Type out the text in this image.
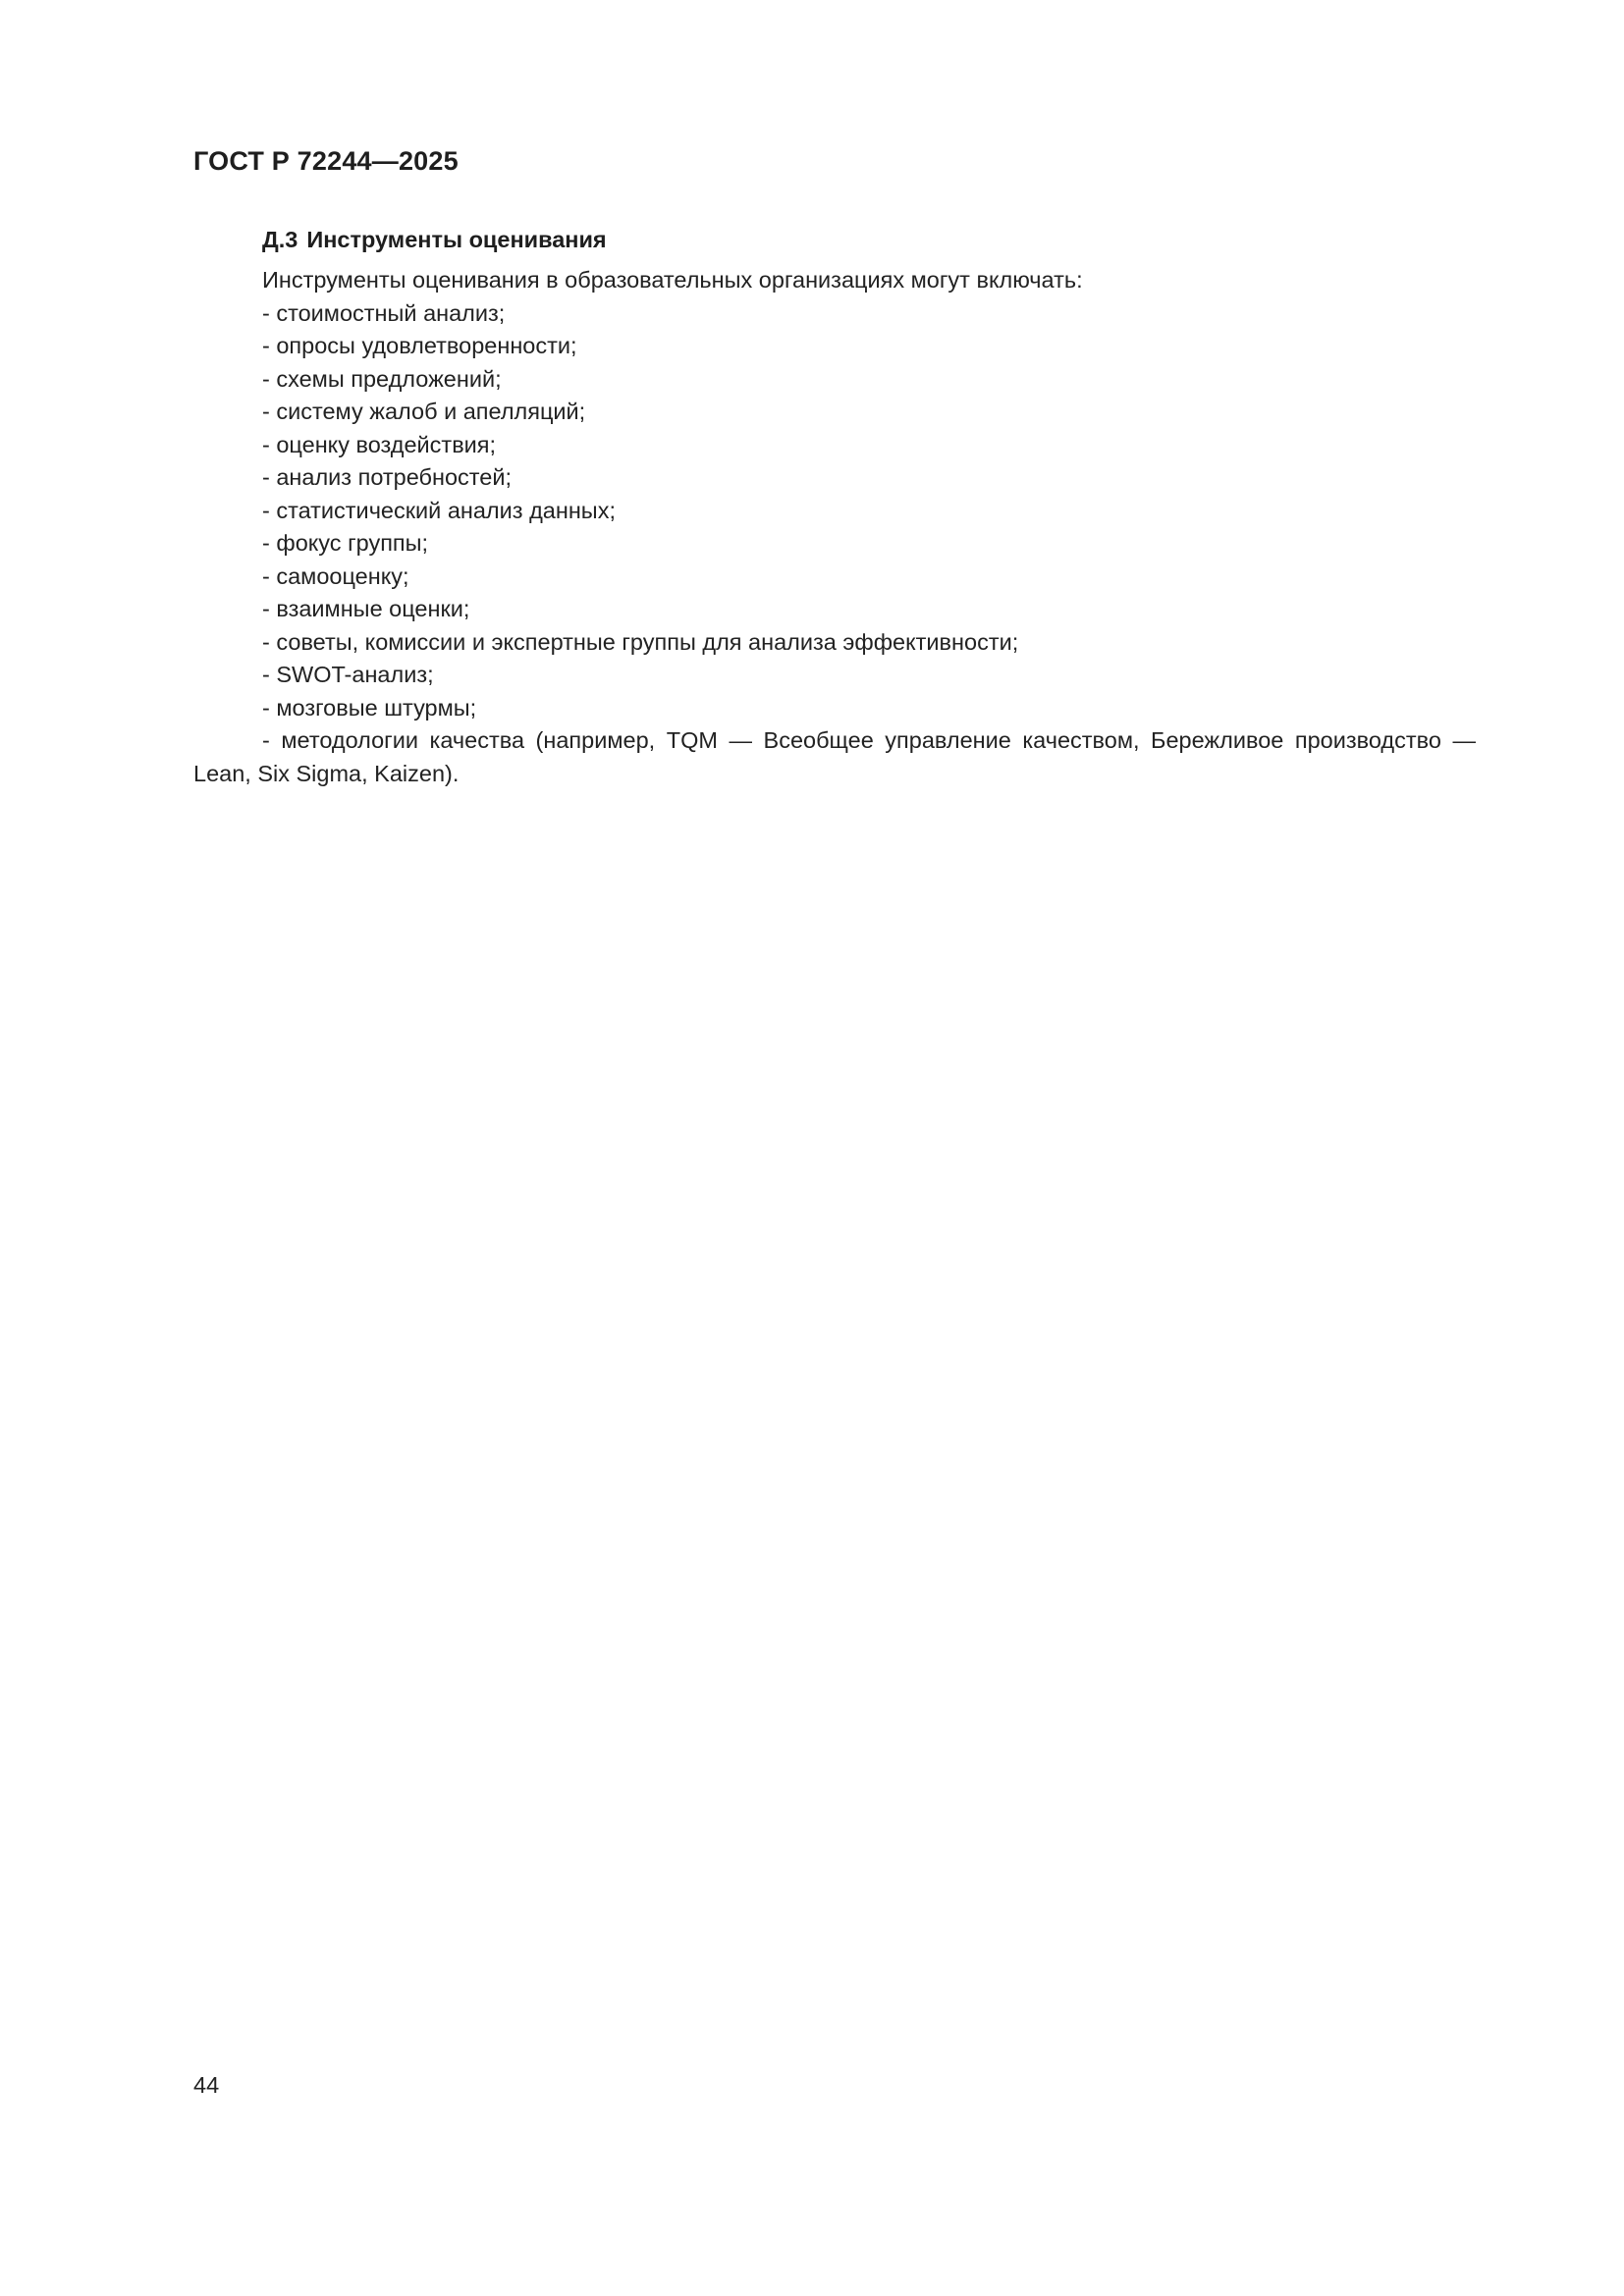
ГОСТ Р 72244—2025
Д.3 Инструменты оценивания

Инструменты оценивания в образовательных организациях могут включать:

- стоимостный анализ;
- опросы удовлетворенности;
- схемы предложений;
- систему жалоб и апелляций;
- оценку воздействия;
- анализ потребностей;
- статистический анализ данных;
- фокус группы;
- самооценку;
- взаимные оценки;
- советы, комиссии и экспертные группы для анализа эффективности;
- SWOT-анализ;
- мозговые штурмы;
- методологии качества (например, TQM — Всеобщее управление качеством, Бережливое производство — Lean, Six Sigma, Kaizen).
44
